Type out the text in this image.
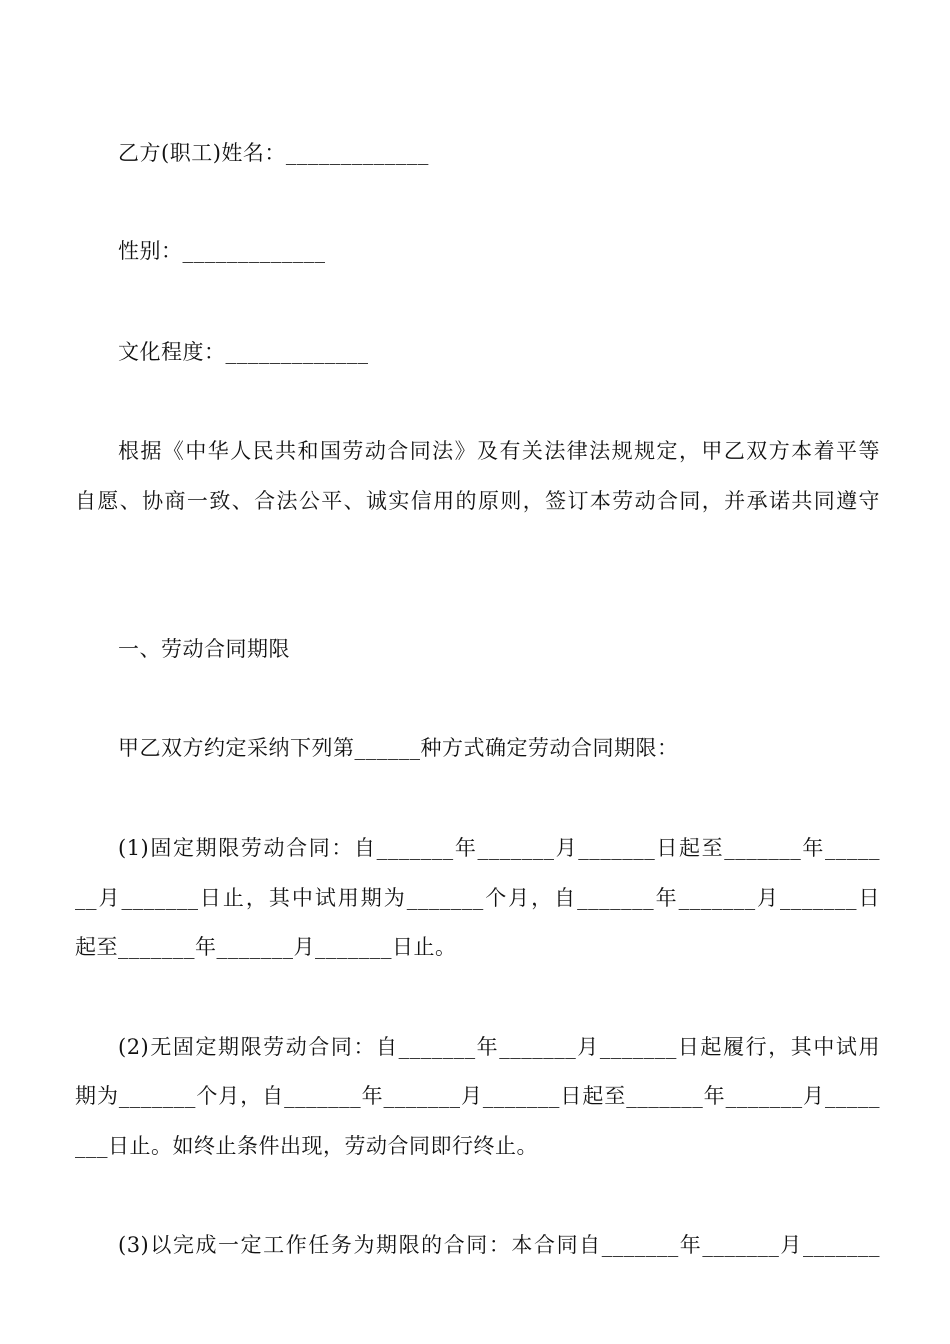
乙方(职工)姓名：_____________
性别：_____________
文化程度：_____________
根据《中华人民共和国劳动合同法》及有关法律法规规定，甲乙双方本着平等
自愿、协商一致、合法公平、诚实信用的原则，签订本劳动合同，并承诺共同遵守
一、劳动合同期限
甲乙双方约定采纳下列第______种方式确定劳动合同期限：
(1)固定期限劳动合同：自_______年_______月_______日起至_______年_____
__月_______日止，其中试用期为_______个月，自_______年_______月_______日
起至_______年_______月_______日止。
(2)无固定期限劳动合同：自_______年_______月_______日起履行，其中试用
期为_______个月，自_______年_______月_______日起至_______年_______月_____
___日止。如终止条件出现，劳动合同即行终止。
(3)以完成一定工作任务为期限的合同：本合同自_______年_______月_______
